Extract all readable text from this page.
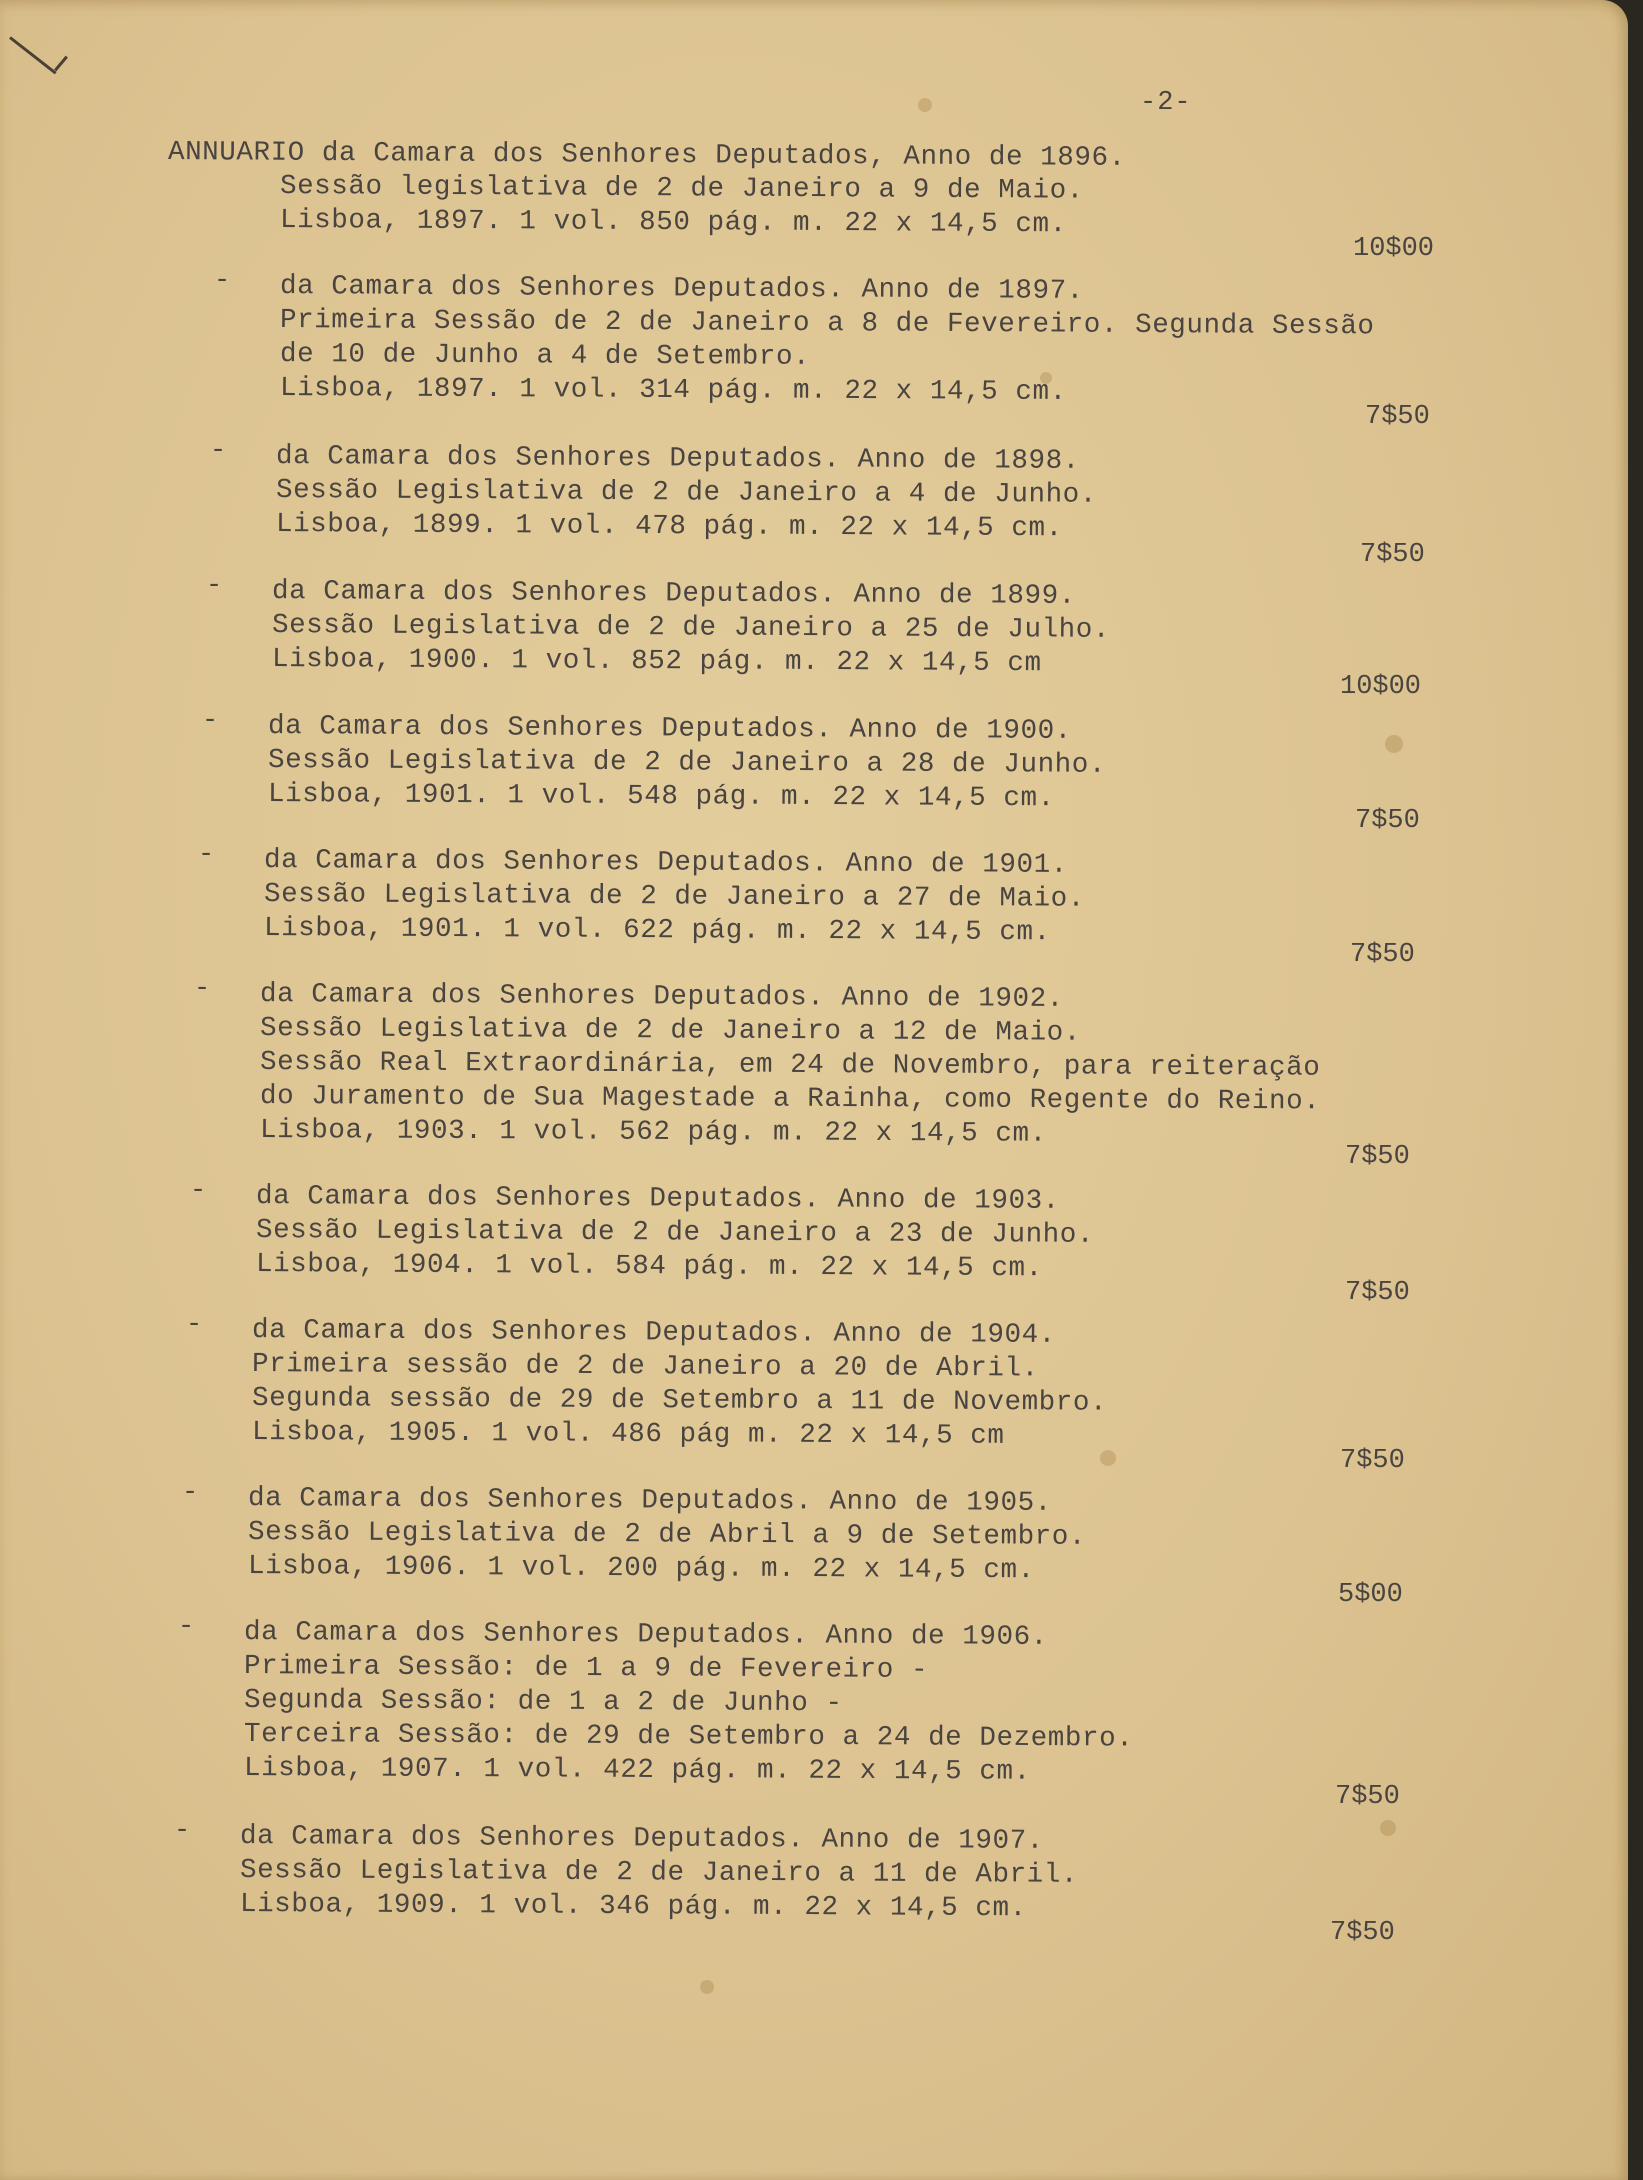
-2-
ANNUARIO da Camara dos Senhores Deputados, Anno de 1896.
Sessão legislativa de 2 de Janeiro a 9 de Maio.
Lisboa, 1897. 1 vol. 850 pág. m. 22 x 14,5 cm.
10$00
- da Camara dos Senhores Deputados. Anno de 1897.
Primeira Sessão de 2 de Janeiro a 8 de Fevereiro. Segunda Sessão
de 10 de Junho a 4 de Setembro.
Lisboa, 1897. 1 vol. 314 pág. m. 22 x 14,5 cm.
7$50
- da Camara dos Senhores Deputados. Anno de 1898.
Sessão Legislativa de 2 de Janeiro a 4 de Junho.
Lisboa, 1899. 1 vol. 478 pág. m. 22 x 14,5 cm.
7$50
- da Camara dos Senhores Deputados. Anno de 1899.
Sessão Legislativa de 2 de Janeiro a 25 de Julho.
Lisboa, 1900. 1 vol. 852 pág. m. 22 x 14,5 cm
10$00
- da Camara dos Senhores Deputados. Anno de 1900.
Sessão Legislativa de 2 de Janeiro a 28 de Junho.
Lisboa, 1901. 1 vol. 548 pág. m. 22 x 14,5 cm.
7$50
- da Camara dos Senhores Deputados. Anno de 1901.
Sessão Legislativa de 2 de Janeiro a 27 de Maio.
Lisboa, 1901. 1 vol. 622 pág. m. 22 x 14,5 cm.
7$50
- da Camara dos Senhores Deputados. Anno de 1902.
Sessão Legislativa de 2 de Janeiro a 12 de Maio.
Sessão Real Extraordinária, em 24 de Novembro, para reiteração
do Juramento de Sua Magestade a Rainha, como Regente do Reino.
Lisboa, 1903. 1 vol. 562 pág. m. 22 x 14,5 cm.
7$50
- da Camara dos Senhores Deputados. Anno de 1903.
Sessão Legislativa de 2 de Janeiro a 23 de Junho.
Lisboa, 1904. 1 vol. 584 pág. m. 22 x 14,5 cm.
7$50
- da Camara dos Senhores Deputados. Anno de 1904.
Primeira sessão de 2 de Janeiro a 20 de Abril.
Segunda sessão de 29 de Setembro a 11 de Novembro.
Lisboa, 1905. 1 vol. 486 pág m. 22 x 14,5 cm
7$50
- da Camara dos Senhores Deputados. Anno de 1905.
Sessão Legislativa de 2 de Abril a 9 de Setembro.
Lisboa, 1906. 1 vol. 200 pág. m. 22 x 14,5 cm.
5$00
- da Camara dos Senhores Deputados. Anno de 1906.
Primeira Sessão: de 1 a 9 de Fevereiro -
Segunda Sessão: de 1 a 2 de Junho -
Terceira Sessão: de 29 de Setembro a 24 de Dezembro.
Lisboa, 1907. 1 vol. 422 pág. m. 22 x 14,5 cm.
7$50
- da Camara dos Senhores Deputados. Anno de 1907.
Sessão Legislativa de 2 de Janeiro a 11 de Abril.
Lisboa, 1909. 1 vol. 346 pág. m. 22 x 14,5 cm.
7$50
